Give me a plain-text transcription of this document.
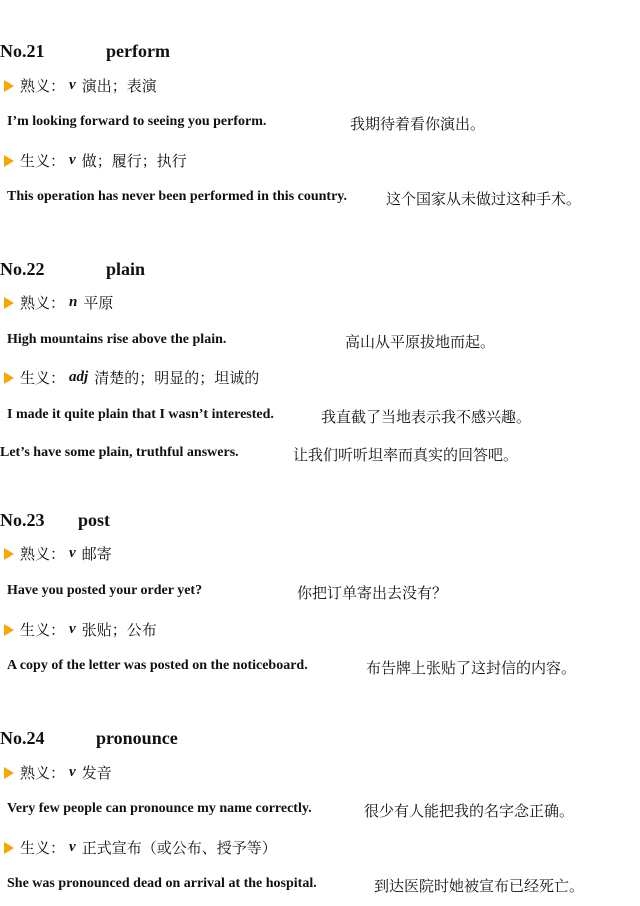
No.21	perform
熟义： v 演出；表演
I’m looking forward to seeing you perform.	我期待着看你演出。
生义： v 做；履行；执行
This operation has never been performed in this country.	这个国家从未做过这种手术。
No.22	plain
熟义： n 平原
High mountains rise above the plain.	高山从平原拔地而起。
生义： adj 清楚的；明显的；坦诚的
I made it quite plain that I wasn’t interested.	我直截了当地表示我不感兴趣。
Let’s have some plain, truthful answers.	让我们听听坦率而真实的回答吧。
No.23 post
熟义： v 邮寄
Have you posted your order yet?	你把订单寄出去没有？
生义： v 张贴；公布
A copy of the letter was posted on the noticeboard.	布告牌上张贴了这封信的内容。
No.24	pronounce
熟义： v 发音
Very few people can pronounce my name correctly.	很少有人能把我的名字念正确。
生义： v 正式宣布（或公布、授予等）
She was pronounced dead on arrival at the hospital.	到达医院时她被宣布已经死亡。
